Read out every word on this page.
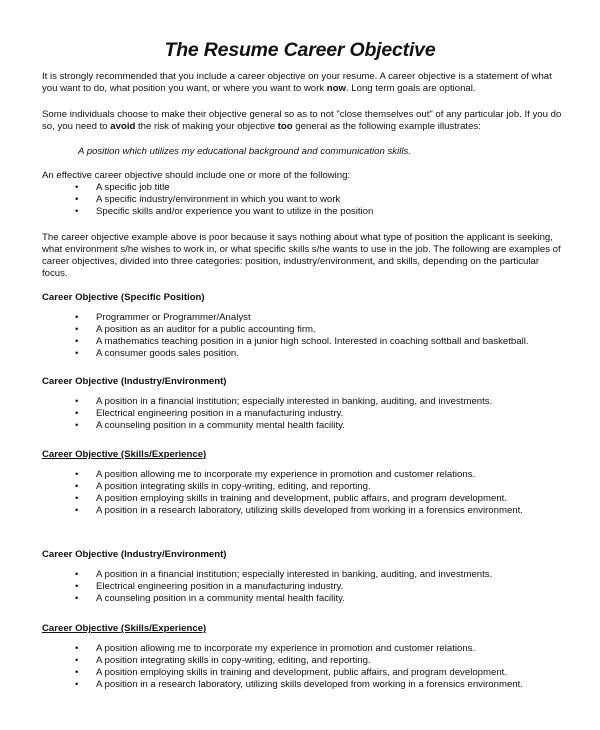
The Resume Career Objective

It is strongly recommended that you include a career objective on your resume. A career objective is a statement of what you want to do, what position you want, or where you want to work now. Long term goals are optional.

Some individuals choose to make their objective general so as to not "close themselves out" of any particular job. If you do so, you need to avoid the risk of making your objective too general as the following example illustrates:

A position which utilizes my educational background and communication skills.

An effective career objective should include one or more of the following:

• A specific job title
• A specific industry/environment in which you want to work
• Specific skills and/or experience you want to utilize in the position
The career objective example above is poor because it says nothing about what type of position the applicant is seeking, what environment s/he wishes to work in, or what specific skills s/he wants to use in the job. The following are examples of career objectives, divided into three categories: position, industry/environment, and skills, depending on the particular focus.
Career Objective (Specific Position)
• Programmer or Programmer/Analyst
• A position as an auditor for a public accounting firm.
• A mathematics teaching position in a junior high school. Interested in coaching softball and basketball.
• A consumer goods sales position.
Career Objective (Industry/Environment)
• A position in a financial institution; especially interested in banking, auditing, and investments.
• Electrical engineering position in a manufacturing industry.
• A counseling position in a community mental health facility.
Career Objective (Skills/Experience)
• A position allowing me to incorporate my experience in promotion and customer relations.
• A position integrating skills in copy-writing, editing, and reporting.
• A position employing skills in training and development, public affairs, and program development.
• A position in a research laboratory, utilizing skills developed from working in a forensics environment.
Career Objective (Industry/Environment)
• A position in a financial institution; especially interested in banking, auditing, and investments.
• Electrical engineering position in a manufacturing industry.
• A counseling position in a community mental health facility.
Career Objective (Skills/Experience)
• A position allowing me to incorporate my experience in promotion and customer relations.
• A position integrating skills in copy-writing, editing, and reporting.
• A position employing skills in training and development, public affairs, and program development.
• A position in a research laboratory, utilizing skills developed from working in a forensics environment.
